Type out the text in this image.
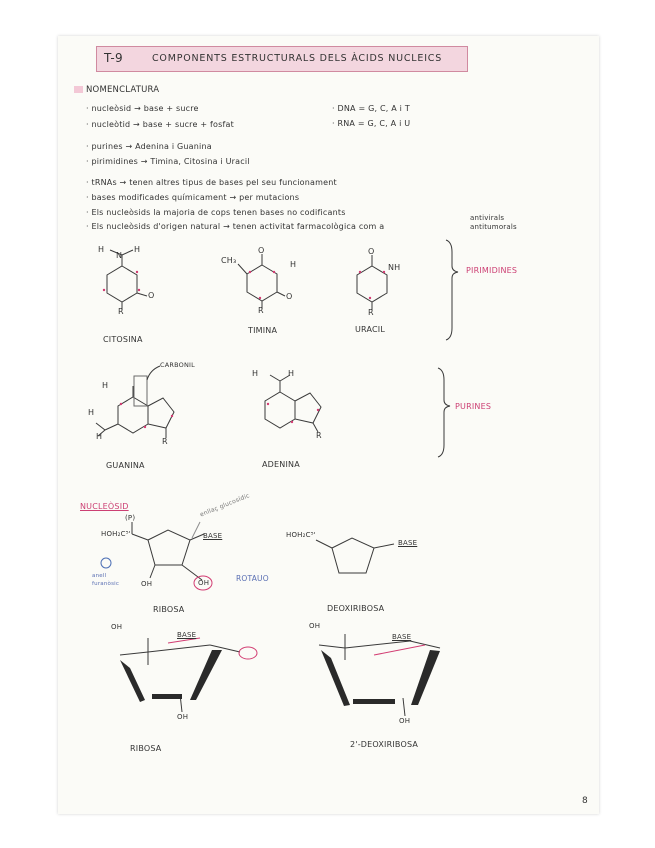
T-9	COMPONENTS ESTRUCTURALS DELS ÀCIDS NUCLEICS
NOMENCLATURA
· nucleòsid → base + sucre
· nucleòtid → base + sucre + fosfat
· DNA = G, C, A i T
· RNA = G, C, A i U
· purines → Adenina i Guanina
· pirimidines → Timina, Citosina i Uracil
· tRNAs → tenen altres tipus de bases pel seu funcionament
· bases modificades químicament → per mutacions
· Els nucleòsids la majoria de cops tenen bases no codificants
· Els nucleòsids d'origen natural → tenen activitat farmacològica com a
antivirals
antitumorals
H
N
H
O
R
CITOSINA
CH₃
O
H
O
R
TIMINA
O
NH
R
URACIL
PIRIMIDINES
CARBONIL
H
H
H
R
GUANINA
H	H
R
ADENINA
PURINES
NUCLEÒSID
(P)
HOH₂C⁵'
enllaç glucosídic
BASE
OH	OH	ROTAUO
anell
furanòsic
RIBOSA
HOH₂C⁵'
BASE
DEOXIRIBOSA
OH
BASE
OH
RIBOSA
OH
BASE
OH
2'-DEOXIRIBOSA
8
